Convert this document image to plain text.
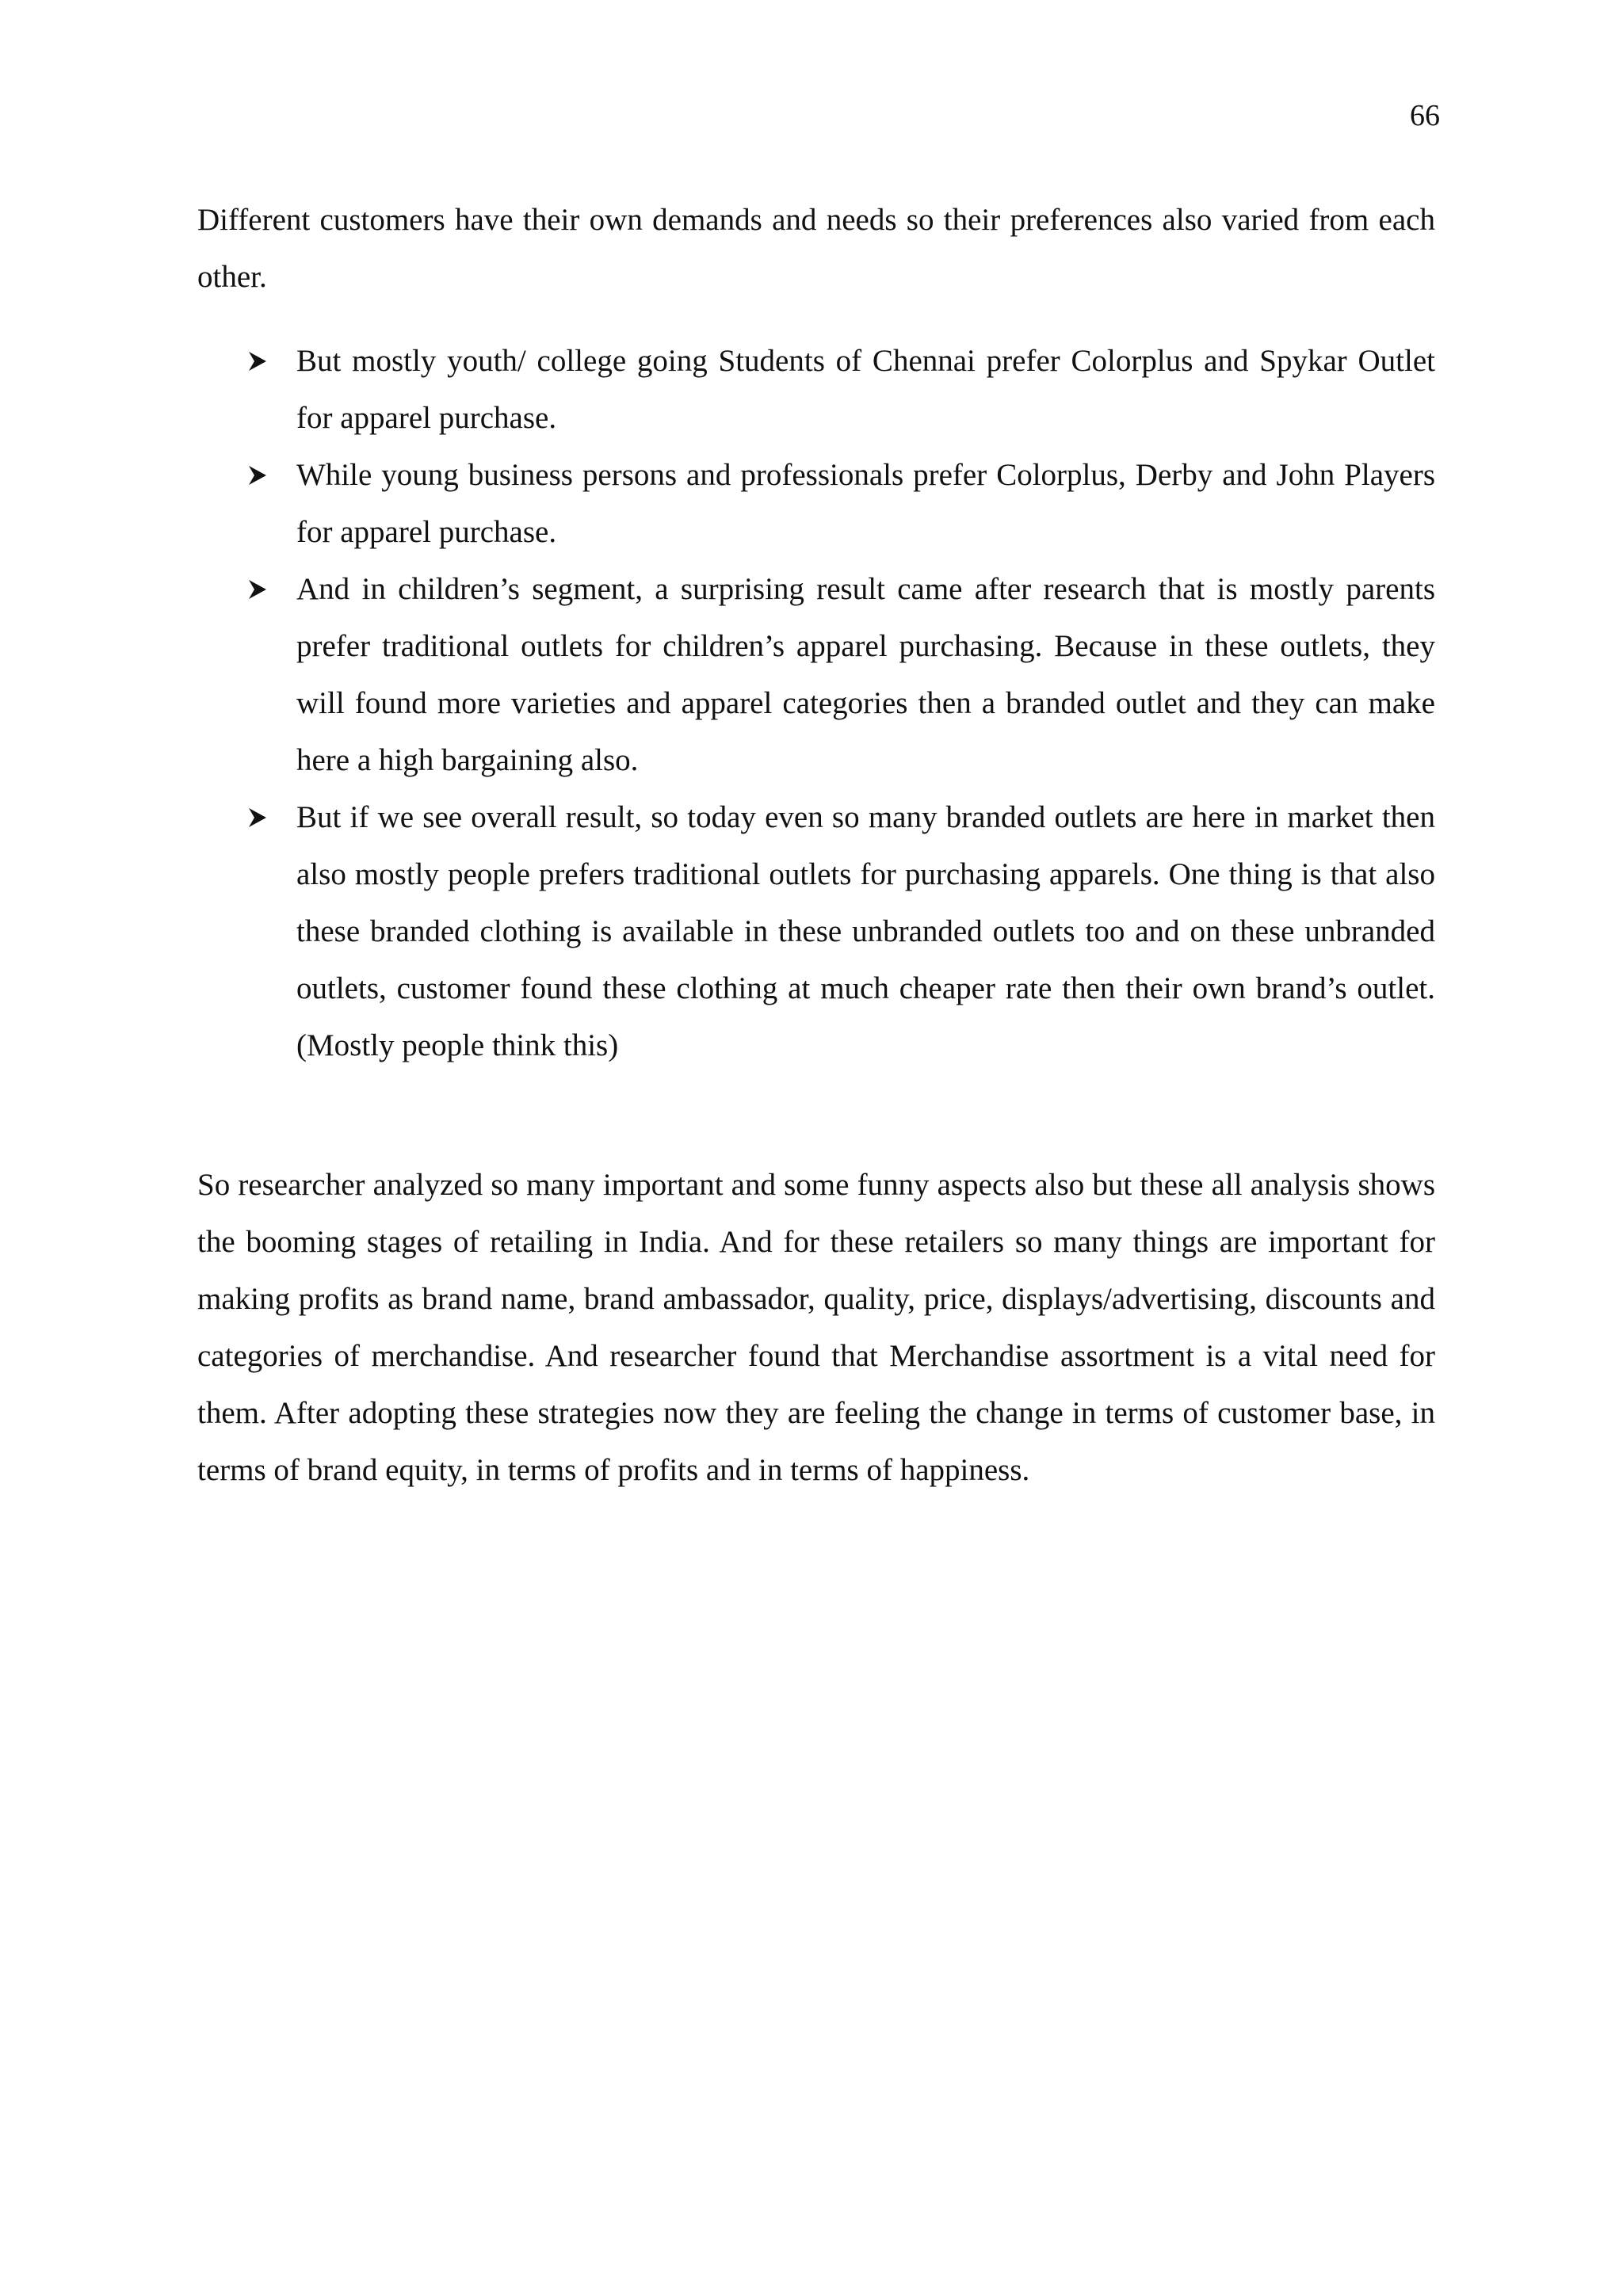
66

Different customers have their own demands and needs so their preferences also varied from each other.

But mostly youth/ college going Students of Chennai prefer Colorplus and Spykar Outlet for apparel purchase.
While young business persons and professionals prefer Colorplus, Derby and John Players for apparel purchase.
And in children’s segment, a surprising result came after research that is mostly parents prefer traditional outlets for children’s apparel purchasing. Because in these outlets, they will found more varieties and apparel categories then a branded outlet and they can make here a high bargaining also.
But if we see overall result, so today even so many branded outlets are here in market then also mostly people prefers traditional outlets for purchasing apparels. One thing is that also these branded clothing is available in these unbranded outlets too and on these unbranded outlets, customer found these clothing at much cheaper rate then their own brand’s outlet.(Mostly people think this)

So researcher analyzed so many important and some funny aspects also but these all analysis shows the booming stages of retailing in India. And for these retailers so many things are important for making profits as brand name, brand ambassador, quality, price, displays/advertising, discounts and categories of merchandise. And researcher found that Merchandise assortment is a vital need for them. After adopting these strategies now they are feeling the change in terms of customer base, in terms of brand equity, in terms of profits and in terms of happiness.
